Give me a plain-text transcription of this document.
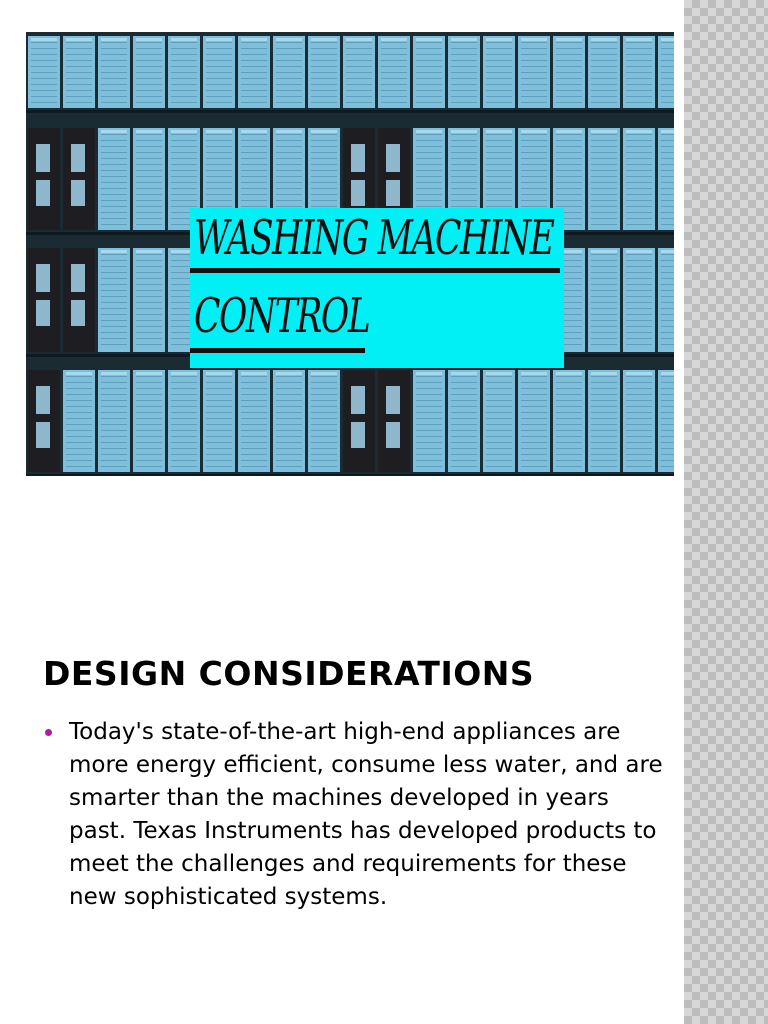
WASHING MACHINE
CONTROL
DESIGN CONSIDERATIONS
Today's state-of-the-art high-end appliances are more energy efficient, consume less water, and are smarter than the machines developed in years past. Texas Instruments has developed products to meet the challenges and requirements for these new sophisticated systems.
